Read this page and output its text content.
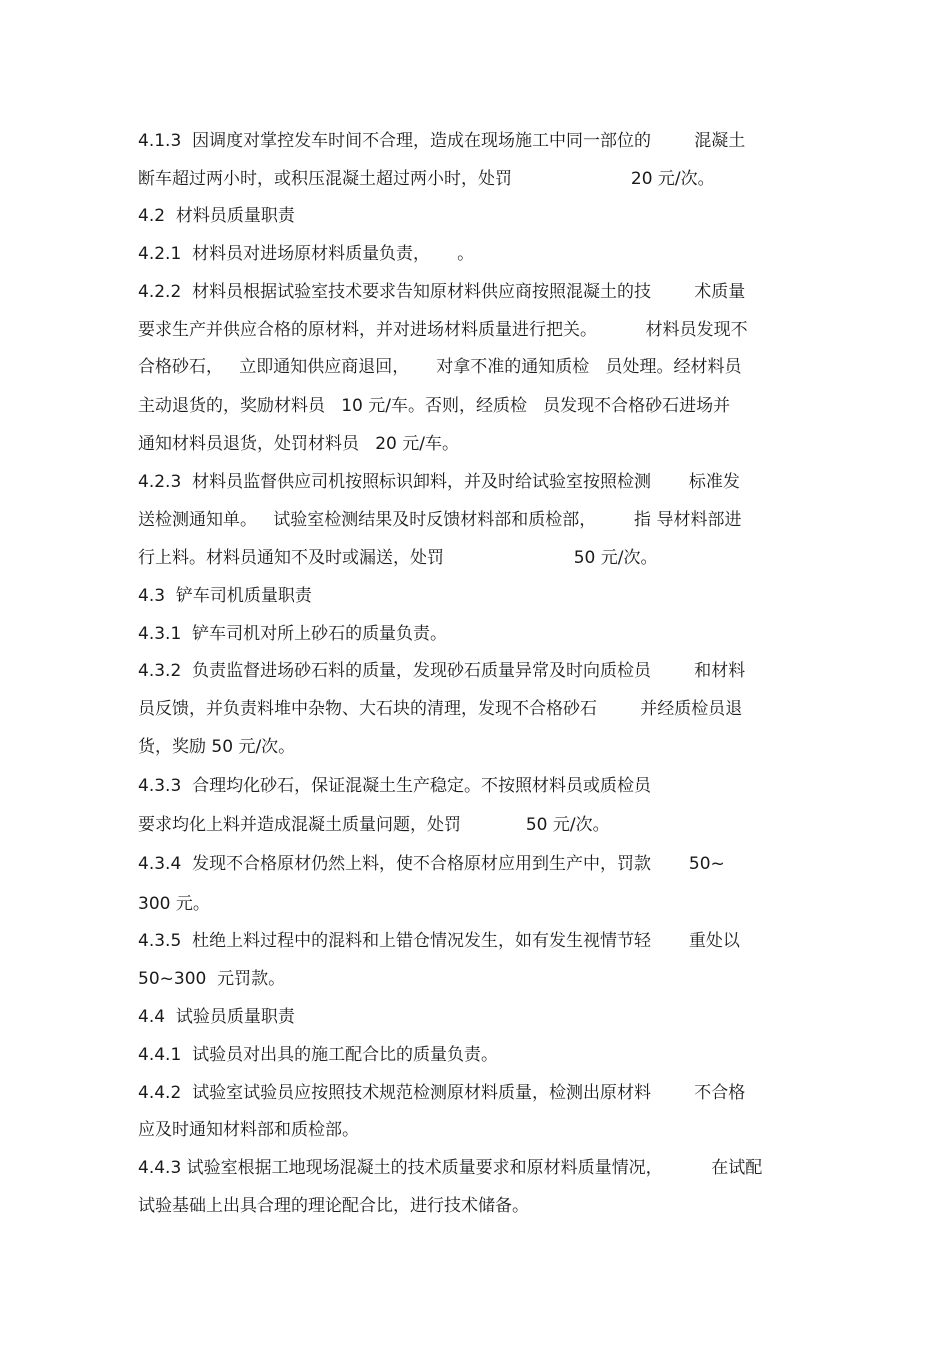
4.1.3  因调度对掌控发车时间不合理，造成在现场施工中同一部位的        混凝土
断车超过两小时，或积压混凝土超过两小时，处罚                      20 元/次。
4.2  材料员质量职责
4.2.1  材料员对进场原材料质量负责，     。
4.2.2  材料员根据试验室技术要求告知原材料供应商按照混凝土的技        术质量
要求生产并供应合格的原材料，并对进场材料质量进行把关。         材料员发现不
合格砂石，   立即通知供应商退回，     对拿不准的通知质检   员处理。经材料员
主动退货的，奖励材料员   10 元/车。否则，经质检   员发现不合格砂石进场并
通知材料员退货，处罚材料员   20 元/车。
4.2.3  材料员监督供应司机按照标识卸料，并及时给试验室按照检测       标准发
送检测通知单。   试验室检测结果及时反馈材料部和质检部，       指 导材料部进
行上料。材料员通知不及时或漏送，处罚                        50 元/次。
4.3  铲车司机质量职责
4.3.1  铲车司机对所上砂石的质量负责。
4.3.2  负责监督进场砂石料的质量，发现砂石质量异常及时向质检员        和材料
员反馈，并负责料堆中杂物、大石块的清理，发现不合格砂石        并经质检员退
货，奖励 50 元/次。
4.3.3  合理均化砂石，保证混凝土生产稳定。不按照材料员或质检员
要求均化上料并造成混凝土质量问题，处罚            50 元/次。
4.3.4  发现不合格原材仍然上料，使不合格原材应用到生产中，罚款       50~
300 元。
4.3.5  杜绝上料过程中的混料和上错仓情况发生，如有发生视情节轻       重处以
50~300  元罚款。
4.4  试验员质量职责
4.4.1  试验员对出具的施工配合比的质量负责。
4.4.2  试验室试验员应按照技术规范检测原材料质量，检测出原材料        不合格
应及时通知材料部和质检部。
4.4.3 试验室根据工地现场混凝土的技术质量要求和原材料质量情况，         在试配
试验基础上出具合理的理论配合比，进行技术储备。
